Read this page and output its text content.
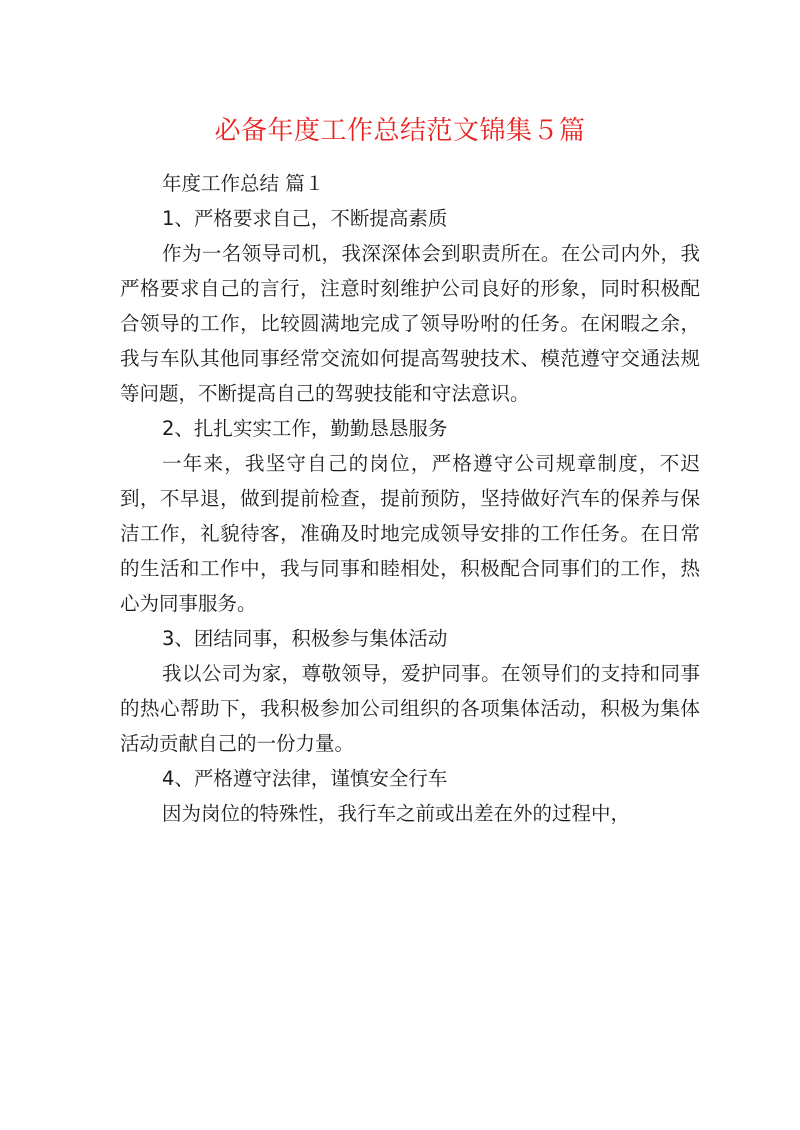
必备年度工作总结范文锦集５篇

年度工作总结 篇１

1、严格要求自己，不断提高素质

作为一名领导司机，我深深体会到职责所在。在公司内外，我严格要求自己的言行，注意时刻维护公司良好的形象，同时积极配合领导的工作，比较圆满地完成了领导吩咐的任务。在闲暇之余，我与车队其他同事经常交流如何提高驾驶技术、模范遵守交通法规等问题，不断提高自己的驾驶技能和守法意识。

2、扎扎实实工作，勤勤恳恳服务

一年来，我坚守自己的岗位，严格遵守公司规章制度，不迟到，不早退，做到提前检查，提前预防，坚持做好汽车的保养与保洁工作，礼貌待客，准确及时地完成领导安排的工作任务。在日常的生活和工作中，我与同事和睦相处，积极配合同事们的工作，热心为同事服务。

3、团结同事，积极参与集体活动

我以公司为家，尊敬领导，爱护同事。在领导们的支持和同事的热心帮助下，我积极参加公司组织的各项集体活动，积极为集体活动贡献自己的一份力量。

4、严格遵守法律，谨慎安全行车

因为岗位的特殊性，我行车之前或出差在外的过程中，
